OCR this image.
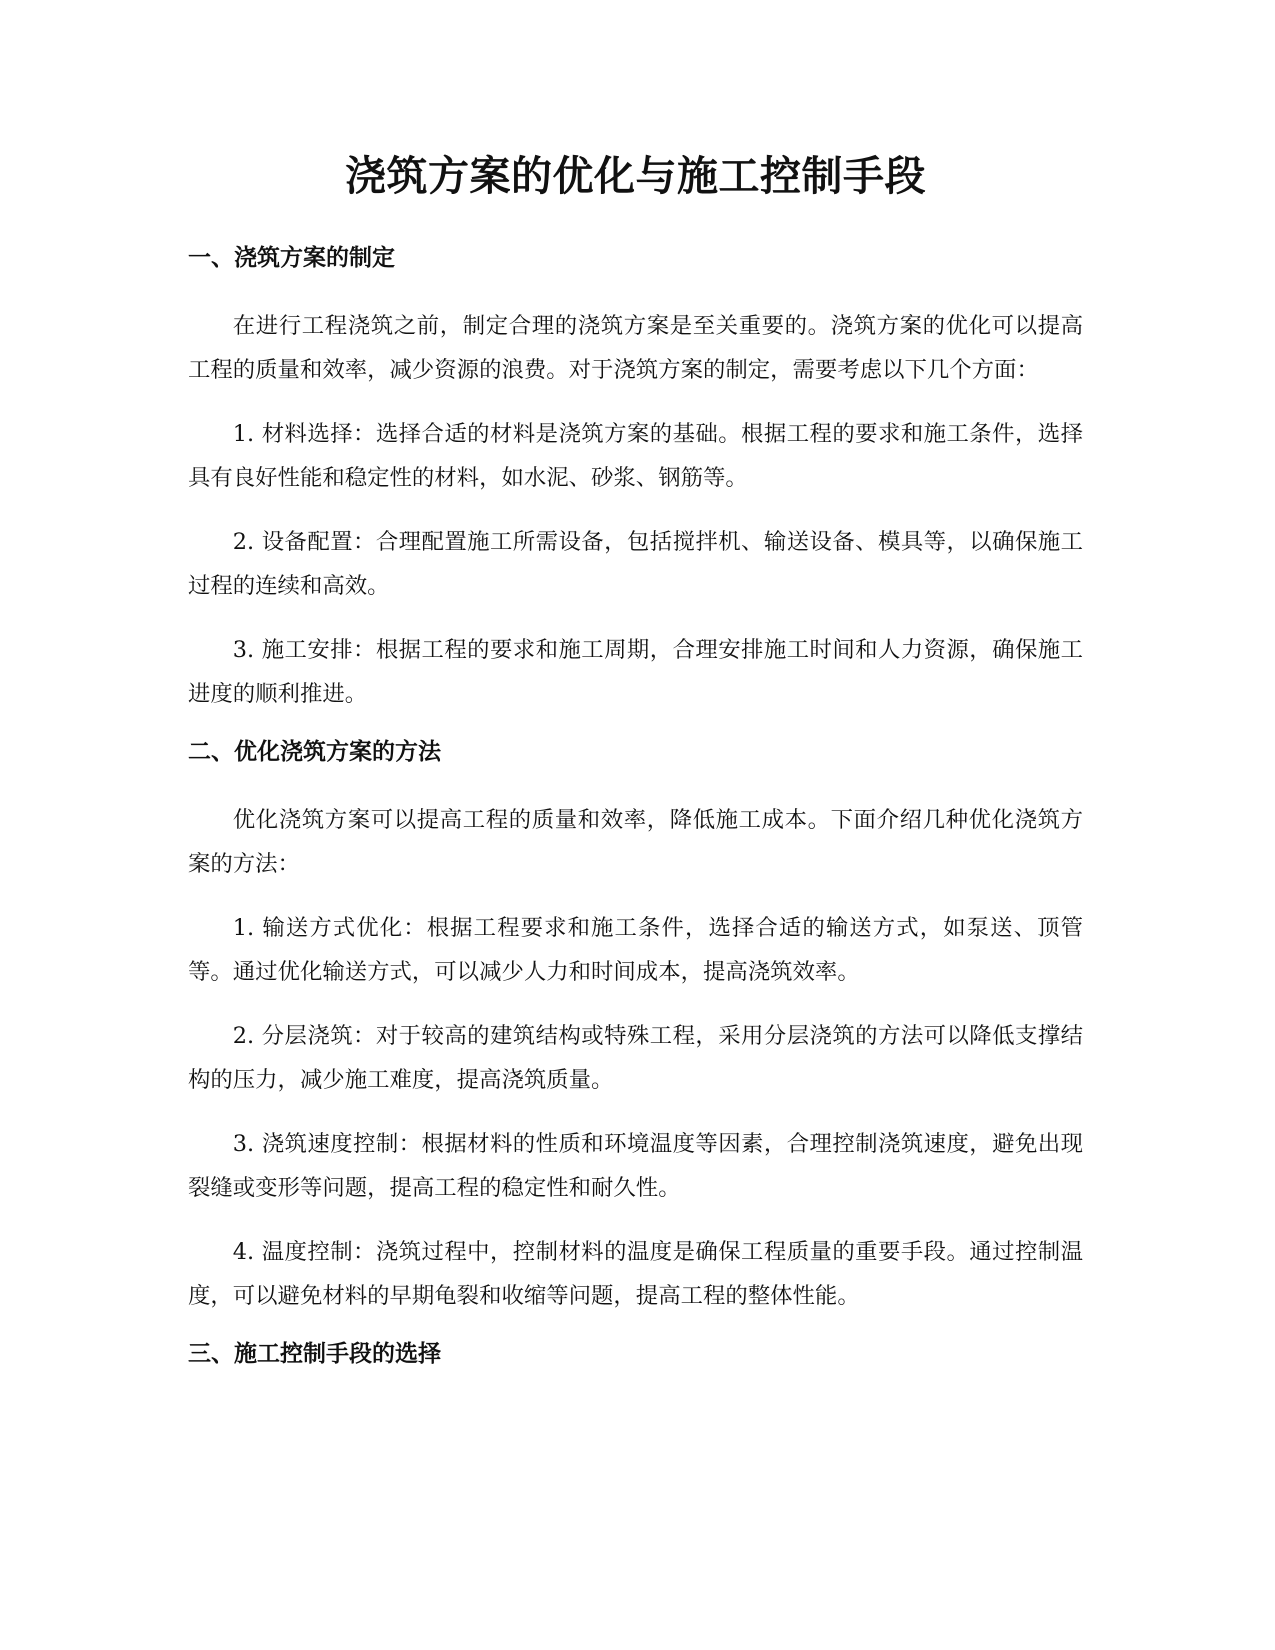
浇筑方案的优化与施工控制手段
一、浇筑方案的制定

在进行工程浇筑之前，制定合理的浇筑方案是至关重要的。浇筑方案的优化可以提高工程的质量和效率，减少资源的浪费。对于浇筑方案的制定，需要考虑以下几个方面：

1. 材料选择：选择合适的材料是浇筑方案的基础。根据工程的要求和施工条件，选择具有良好性能和稳定性的材料，如水泥、砂浆、钢筋等。

2. 设备配置：合理配置施工所需设备，包括搅拌机、输送设备、模具等，以确保施工过程的连续和高效。

3. 施工安排：根据工程的要求和施工周期，合理安排施工时间和人力资源，确保施工进度的顺利推进。

二、优化浇筑方案的方法

优化浇筑方案可以提高工程的质量和效率，降低施工成本。下面介绍几种优化浇筑方案的方法：

1. 输送方式优化：根据工程要求和施工条件，选择合适的输送方式，如泵送、顶管等。通过优化输送方式，可以减少人力和时间成本，提高浇筑效率。

2. 分层浇筑：对于较高的建筑结构或特殊工程，采用分层浇筑的方法可以降低支撑结构的压力，减少施工难度，提高浇筑质量。

3. 浇筑速度控制：根据材料的性质和环境温度等因素，合理控制浇筑速度，避免出现裂缝或变形等问题，提高工程的稳定性和耐久性。

4. 温度控制：浇筑过程中，控制材料的温度是确保工程质量的重要手段。通过控制温度，可以避免材料的早期龟裂和收缩等问题，提高工程的整体性能。

三、施工控制手段的选择
